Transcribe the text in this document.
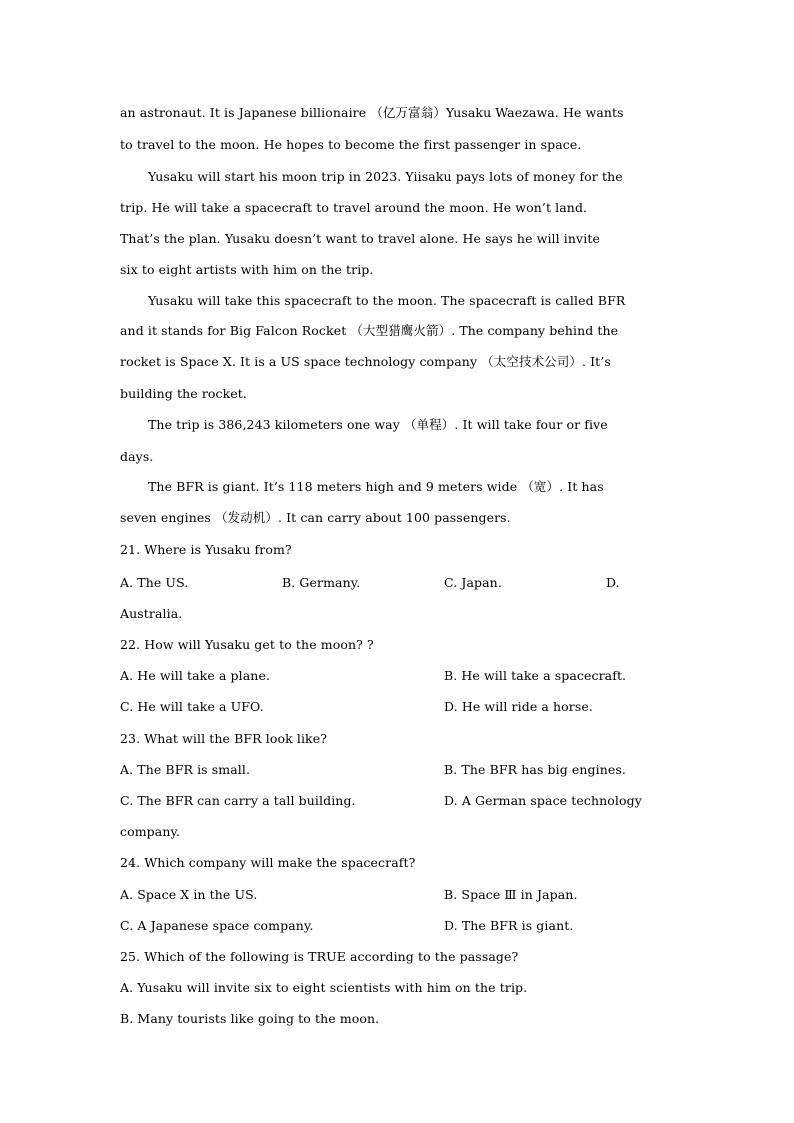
an astronaut. It is Japanese billionaire （亿万富翁）Yusaku Waezawa. He wants
to travel to the moon. He hopes to become the first passenger in space.
Yusaku will start his moon trip in 2023. Yiisaku pays lots of money for the
trip. He will take a spacecraft to travel around the moon. He won’t land.
That’s the plan. Yusaku doesn’t want to travel alone. He says he will invite
six to eight artists with him on the trip.
Yusaku will take this spacecraft to the moon. The spacecraft is called BFR
and it stands for Big Falcon Rocket （大型猎鹰火箭）. The company behind the
rocket is Space X. It is a US space technology company （太空技术公司）. It’s
building the rocket.
The trip is 386,243 kilometers one way （单程）. It will take four or five
days.
The BFR is giant. It’s 118 meters high and 9 meters wide （宽）. It has
seven engines （发动机）. It can carry about 100 passengers.
21. Where is Yusaku from?
A. The US.	B. Germany.	C. Japan.	D.
Australia.
22. How will Yusaku get to the moon? ?
A. He will take a plane.	B. He will take a spacecraft.
C. He will take a UFO.	D. He will ride a horse.
23. What will the BFR look like?
A. The BFR is small.	B. The BFR has big engines.
C. The BFR can carry a tall building.	D. A German space technology
company.
24. Which company will make the spacecraft?
A. Space X in the US.	B. Space Ⅲ in Japan.
C. A Japanese space company.	D. The BFR is giant.
25. Which of the following is TRUE according to the passage?
A. Yusaku will invite six to eight scientists with him on the trip.
B. Many tourists like going to the moon.
